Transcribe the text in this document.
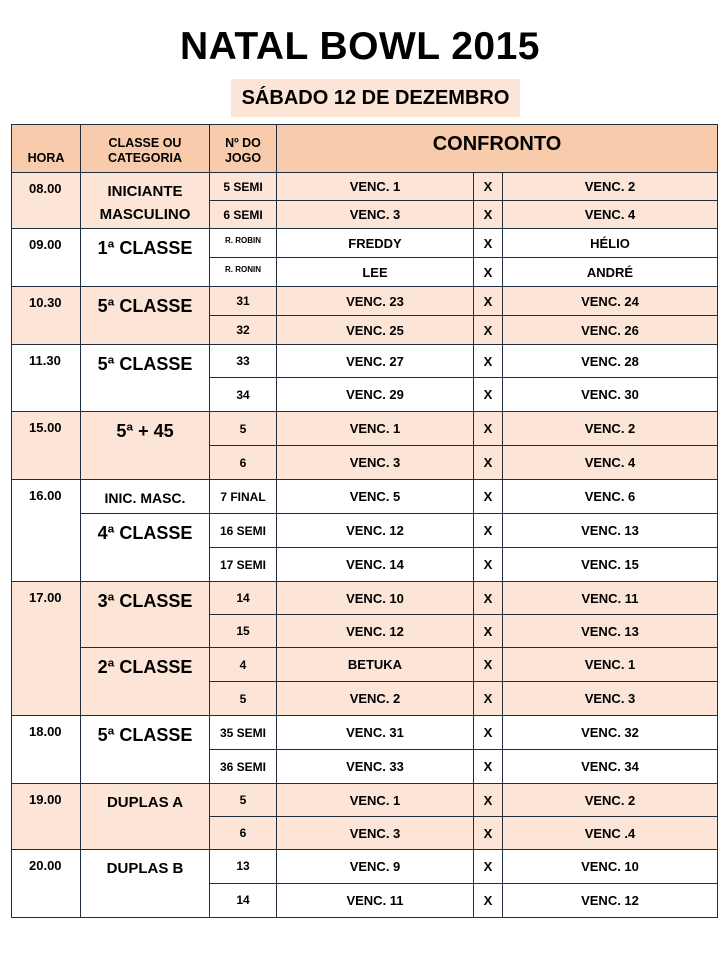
NATAL BOWL 2015
SÁBADO 12 DE DEZEMBRO
HORA	CLASSE OU CATEGORIA	Nº DO JOGO	CONFRONTO		
08.00	INICIANTE MASCULINO	5 SEMI	VENC. 1	X	VENC. 2
		6 SEMI	VENC. 3	X	VENC. 4
09.00	1ª CLASSE	R. ROBIN	FREDDY	X	HÉLIO
		R. RONIN	LEE	X	ANDRÉ
10.30	5ª CLASSE	31	VENC. 23	X	VENC. 24
		32	VENC. 25	X	VENC. 26
11.30	5ª CLASSE	33	VENC. 27	X	VENC. 28
		34	VENC. 29	X	VENC. 30
15.00	5ª + 45	5	VENC. 1	X	VENC. 2
		6	VENC. 3	X	VENC. 4
16.00	INIC. MASC.	7 FINAL	VENC. 5	X	VENC. 6
	4ª CLASSE	16 SEMI	VENC. 12	X	VENC. 13
		17 SEMI	VENC. 14	X	VENC. 15
17.00	3ª CLASSE	14	VENC. 10	X	VENC. 11
		15	VENC. 12	X	VENC. 13
	2ª CLASSE	4	BETUKA	X	VENC. 1
		5	VENC. 2	X	VENC. 3
18.00	5ª CLASSE	35 SEMI	VENC. 31	X	VENC. 32
		36 SEMI	VENC. 33	X	VENC. 34
19.00	DUPLAS A	5	VENC. 1	X	VENC. 2
		6	VENC. 3	X	VENC .4
20.00	DUPLAS B	13	VENC. 9	X	VENC. 10
		14	VENC. 11	X	VENC. 12
